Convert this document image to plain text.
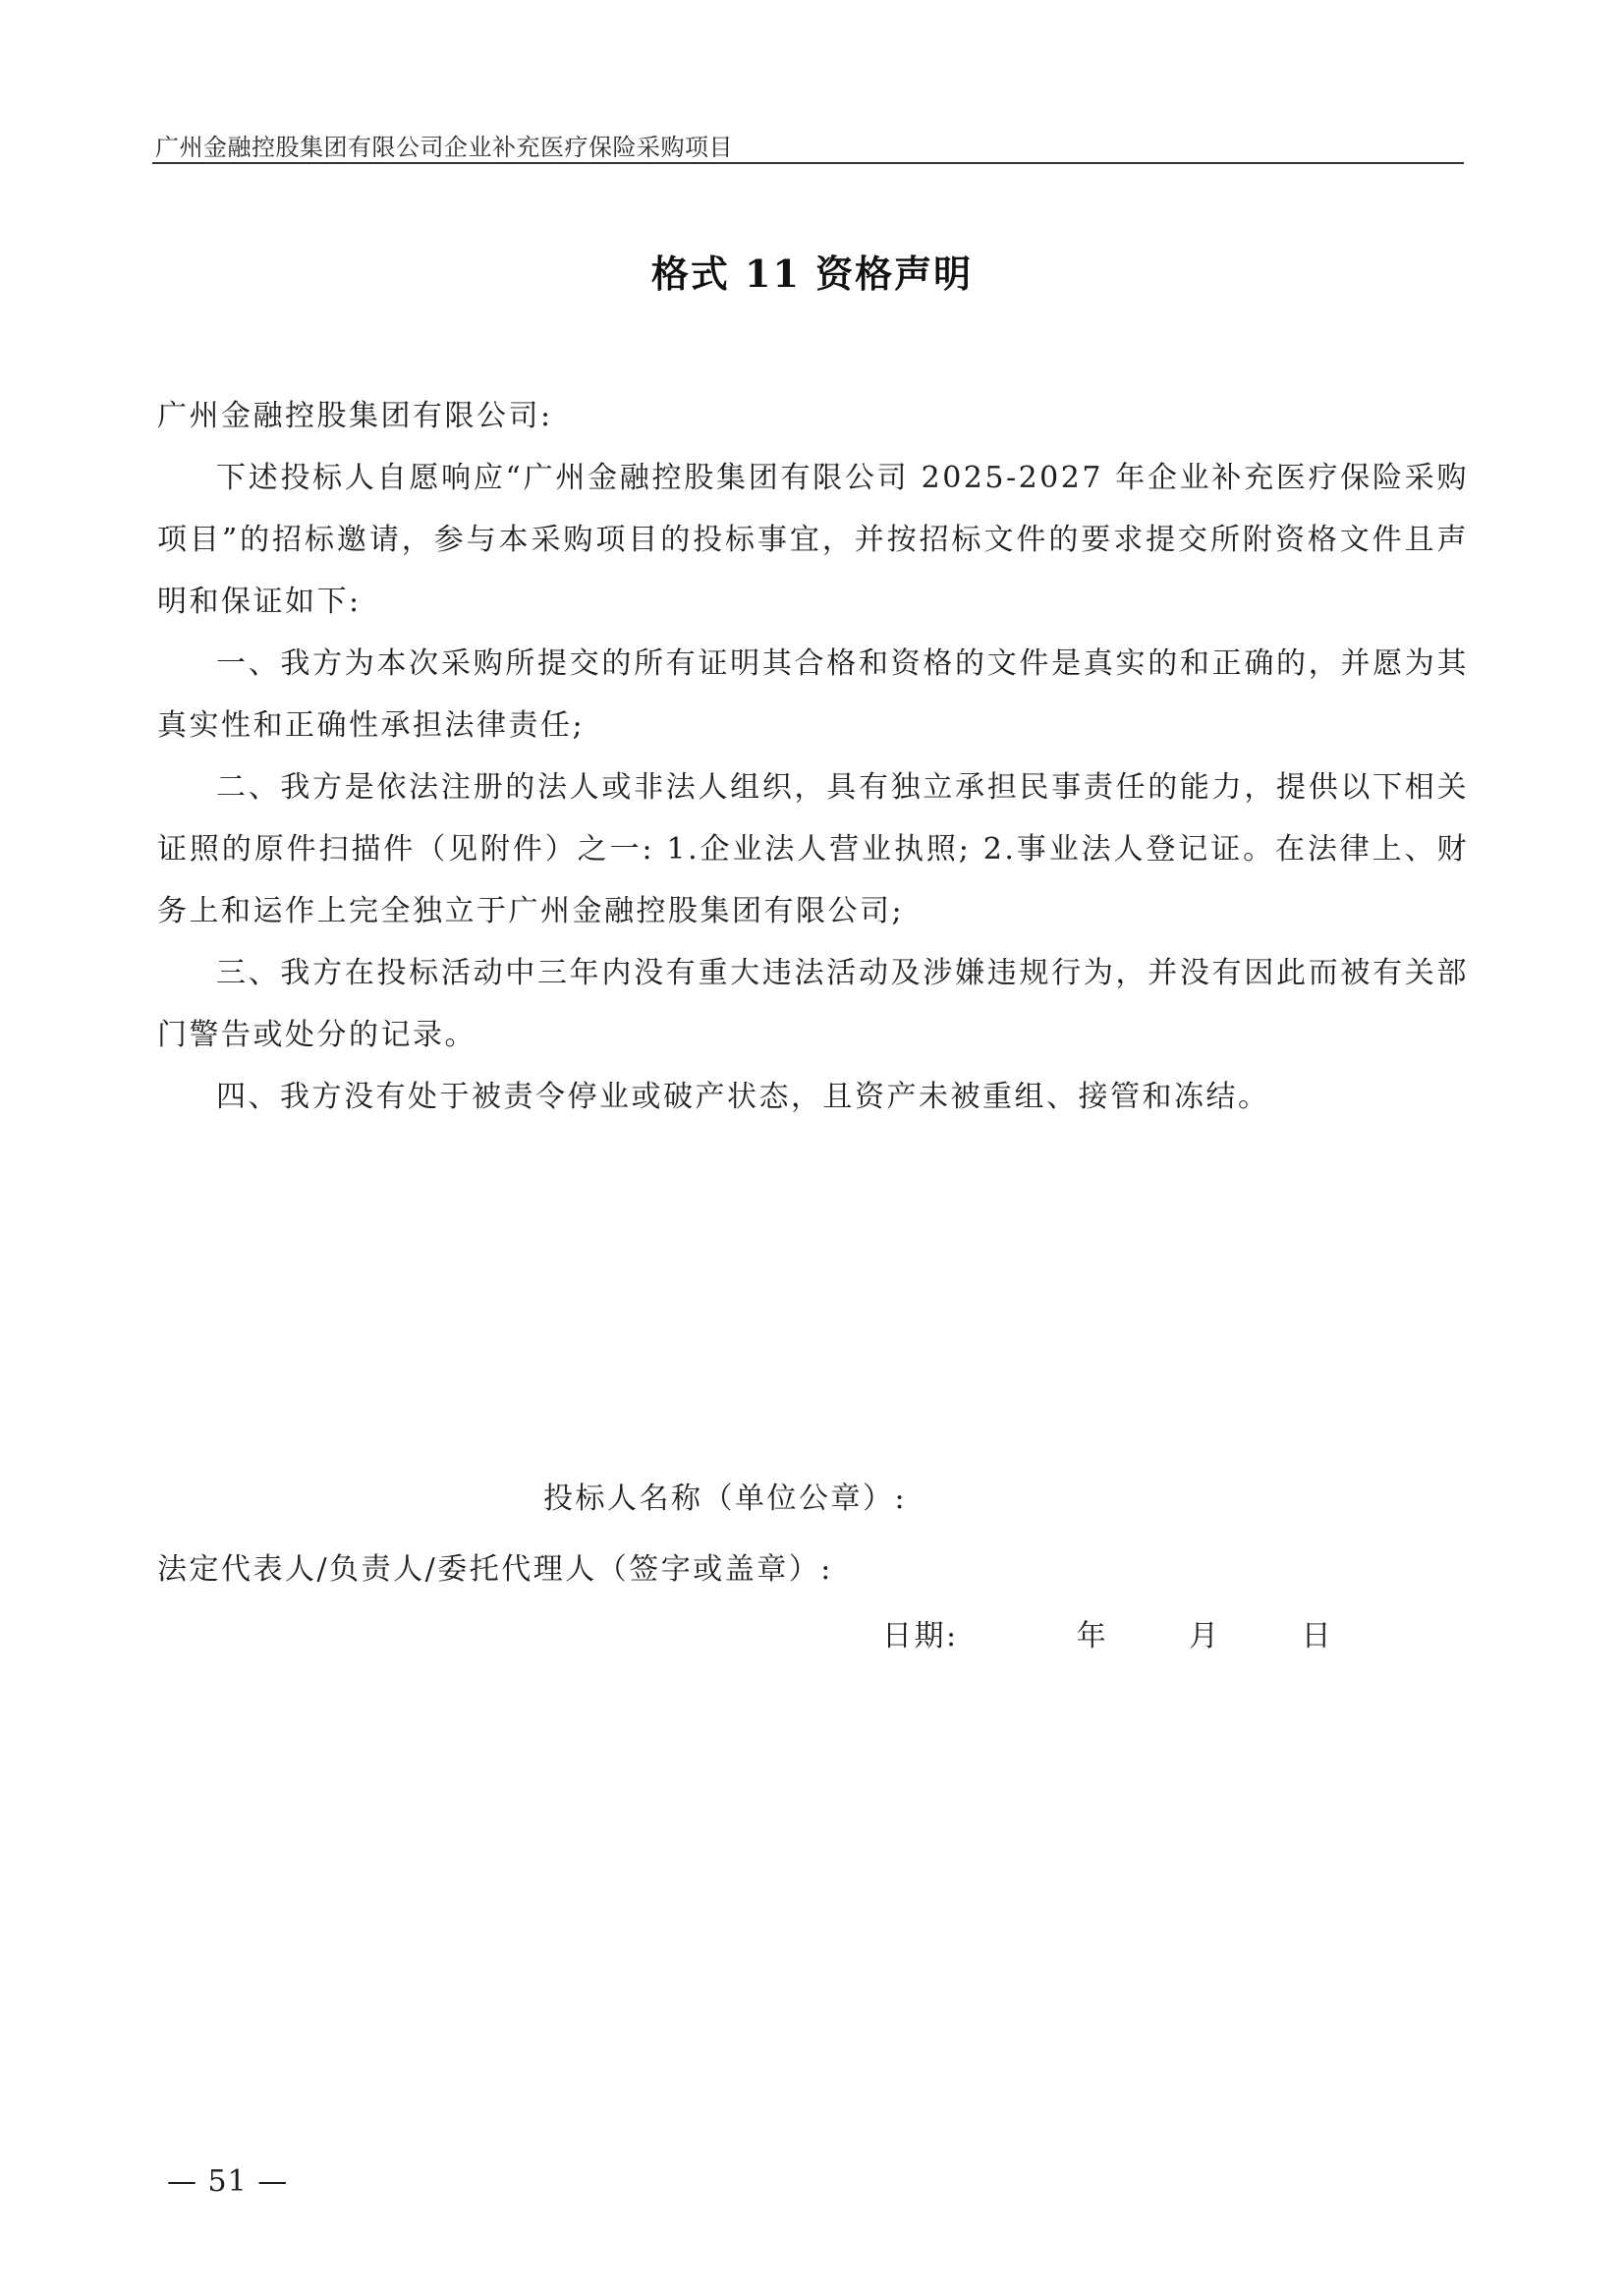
广州金融控股集团有限公司企业补充医疗保险采购项目
格式 11 资格声明

广州金融控股集团有限公司:

下述投标人自愿响应“广州金融控股集团有限公司 2025-2027 年企业补充医疗保险采购项目”的招标邀请，参与本采购项目的投标事宜，并按招标文件的要求提交所附资格文件且声明和保证如下:

一、我方为本次采购所提交的所有证明其合格和资格的文件是真实的和正确的，并愿为其真实性和正确性承担法律责任;

二、我方是依法注册的法人或非法人组织，具有独立承担民事责任的能力，提供以下相关证照的原件扫描件（见附件）之一: 1.企业法人营业执照; 2.事业法人登记证。在法律上、财务上和运作上完全独立于广州金融控股集团有限公司;

三、我方在投标活动中三年内没有重大违法活动及涉嫌违规行为，并没有因此而被有关部门警告或处分的记录。

四、我方没有处于被责令停业或破产状态，且资产未被重组、接管和冻结。

投标人名称（单位公章）:
法定代表人/负责人/委托代理人（签字或盖章）:
日期:	年	月	日
— 51 —
